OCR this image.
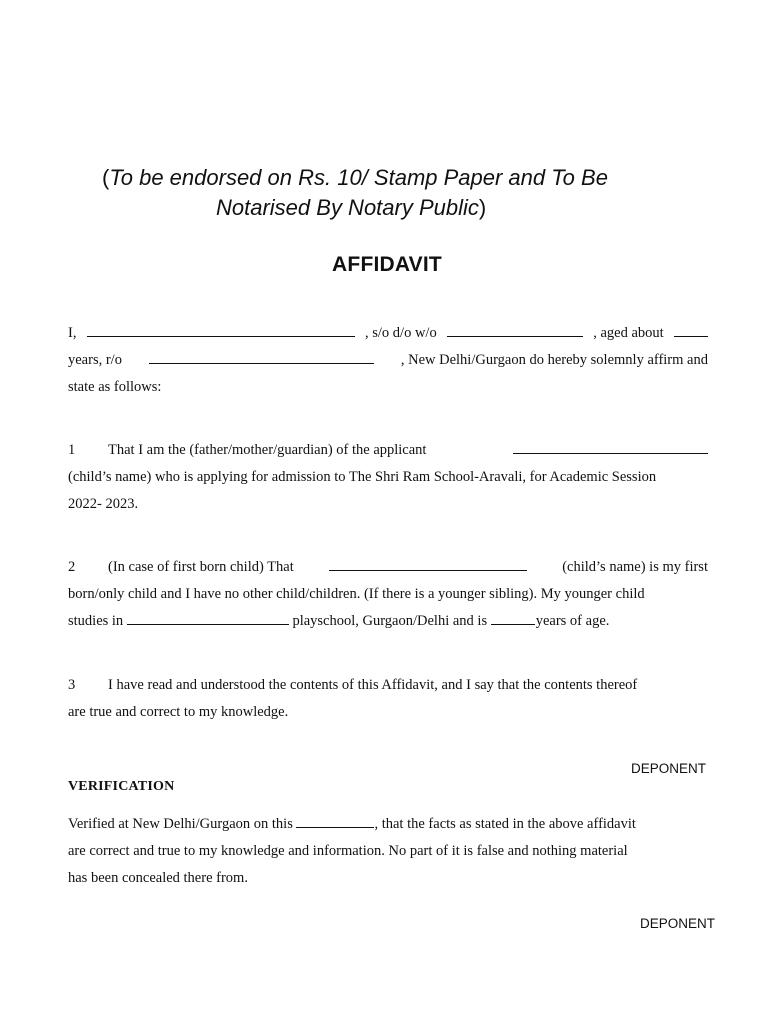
(To be endorsed on Rs. 10/ Stamp Paper and To Be
Notarised By Notary Public)
AFFIDAVIT
I,	, s/o d/o w/o	, aged about
years, r/o	, New Delhi/Gurgaon do hereby solemnly affirm and
state as follows:
1 That I am the (father/mother/guardian) of the applicant
(child’s name) who is applying for admission to The Shri Ram School-Aravali, for Academic Session
2022- 2023.
2 (In case of first born child) That	(child’s name) is my first
born/only child and I have no other child/children. (If there is a younger sibling). My younger child
studies in	playschool, Gurgaon/Delhi and is	years of age.
3 I have read and understood the contents of this Affidavit, and I say that the contents thereof
are true and correct to my knowledge.
DEPONENT
VERIFICATION
Verified at New Delhi/Gurgaon on this	, that the facts as stated in the above affidavit
are correct and true to my knowledge and information. No part of it is false and nothing material
has been concealed there from.
DEPONENT
